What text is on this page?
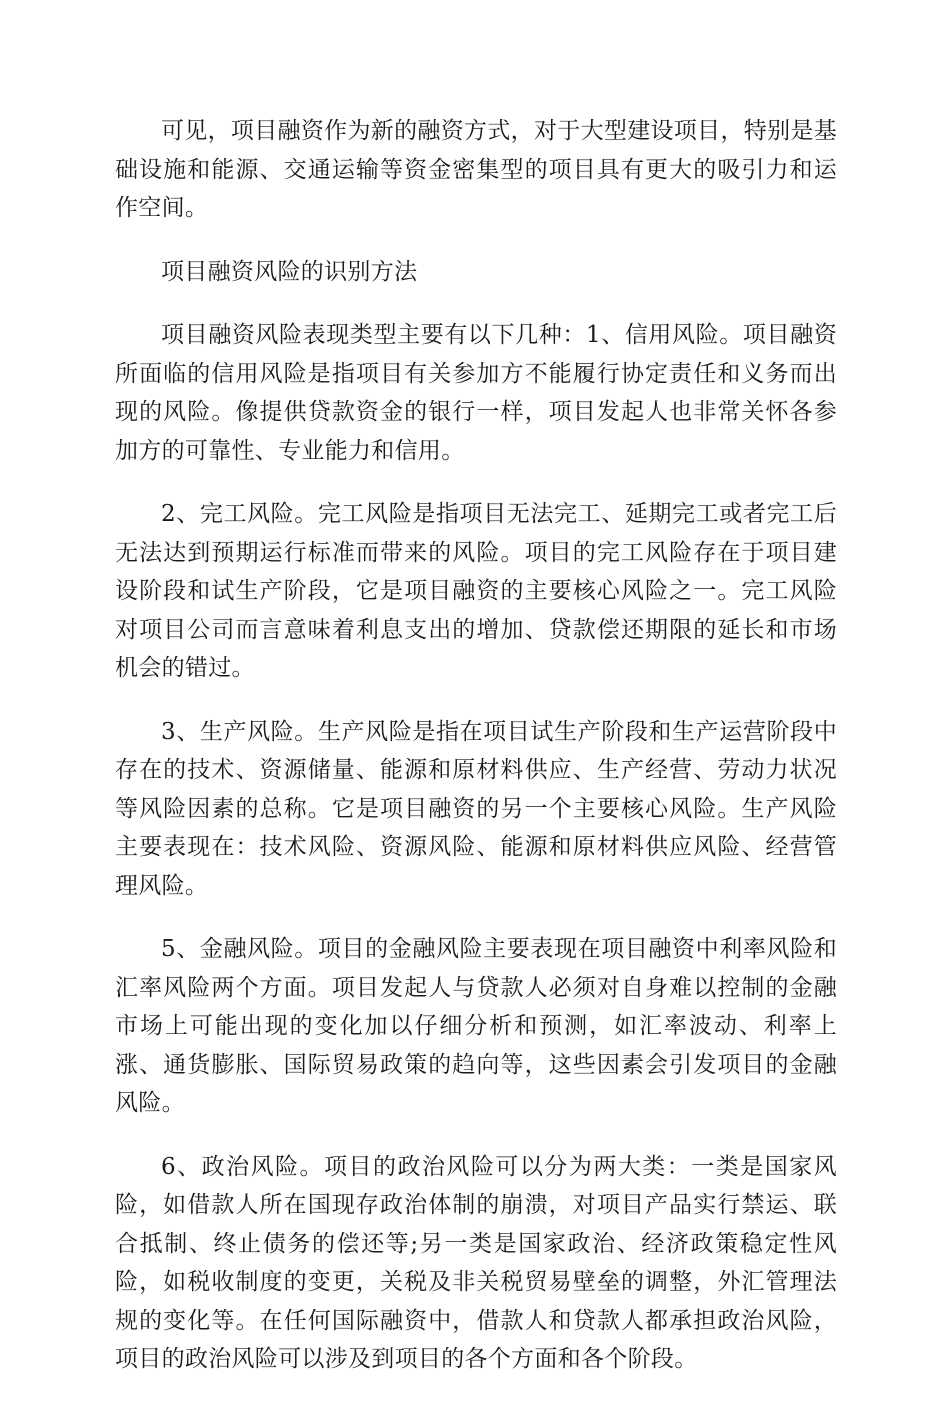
可见，项目融资作为新的融资方式，对于大型建设项目，特别是基础设施和能源、交通运输等资金密集型的项目具有更大的吸引力和运作空间。

项目融资风险的识别方法

项目融资风险表现类型主要有以下几种：1、信用风险。项目融资所面临的信用风险是指项目有关参加方不能履行协定责任和义务而出现的风险。像提供贷款资金的银行一样，项目发起人也非常关怀各参加方的可靠性、专业能力和信用。

2、完工风险。完工风险是指项目无法完工、延期完工或者完工后无法达到预期运行标准而带来的风险。项目的完工风险存在于项目建设阶段和试生产阶段，它是项目融资的主要核心风险之一。完工风险对项目公司而言意味着利息支出的增加、贷款偿还期限的延长和市场机会的错过。

3、生产风险。生产风险是指在项目试生产阶段和生产运营阶段中存在的技术、资源储量、能源和原材料供应、生产经营、劳动力状况等风险因素的总称。它是项目融资的另一个主要核心风险。生产风险主要表现在：技术风险、资源风险、能源和原材料供应风险、经营管理风险。

5、金融风险。项目的金融风险主要表现在项目融资中利率风险和汇率风险两个方面。项目发起人与贷款人必须对自身难以控制的金融市场上可能出现的变化加以仔细分析和预测，如汇率波动、利率上涨、通货膨胀、国际贸易政策的趋向等，这些因素会引发项目的金融风险。

6、政治风险。项目的政治风险可以分为两大类：一类是国家风险，如借款人所在国现存政治体制的崩溃，对项目产品实行禁运、联合抵制、终止债务的偿还等;另一类是国家政治、经济政策稳定性风险，如税收制度的变更，关税及非关税贸易壁垒的调整，外汇管理法规的变化等。在任何国际融资中，借款人和贷款人都承担政治风险，项目的政治风险可以涉及到项目的各个方面和各个阶段。
